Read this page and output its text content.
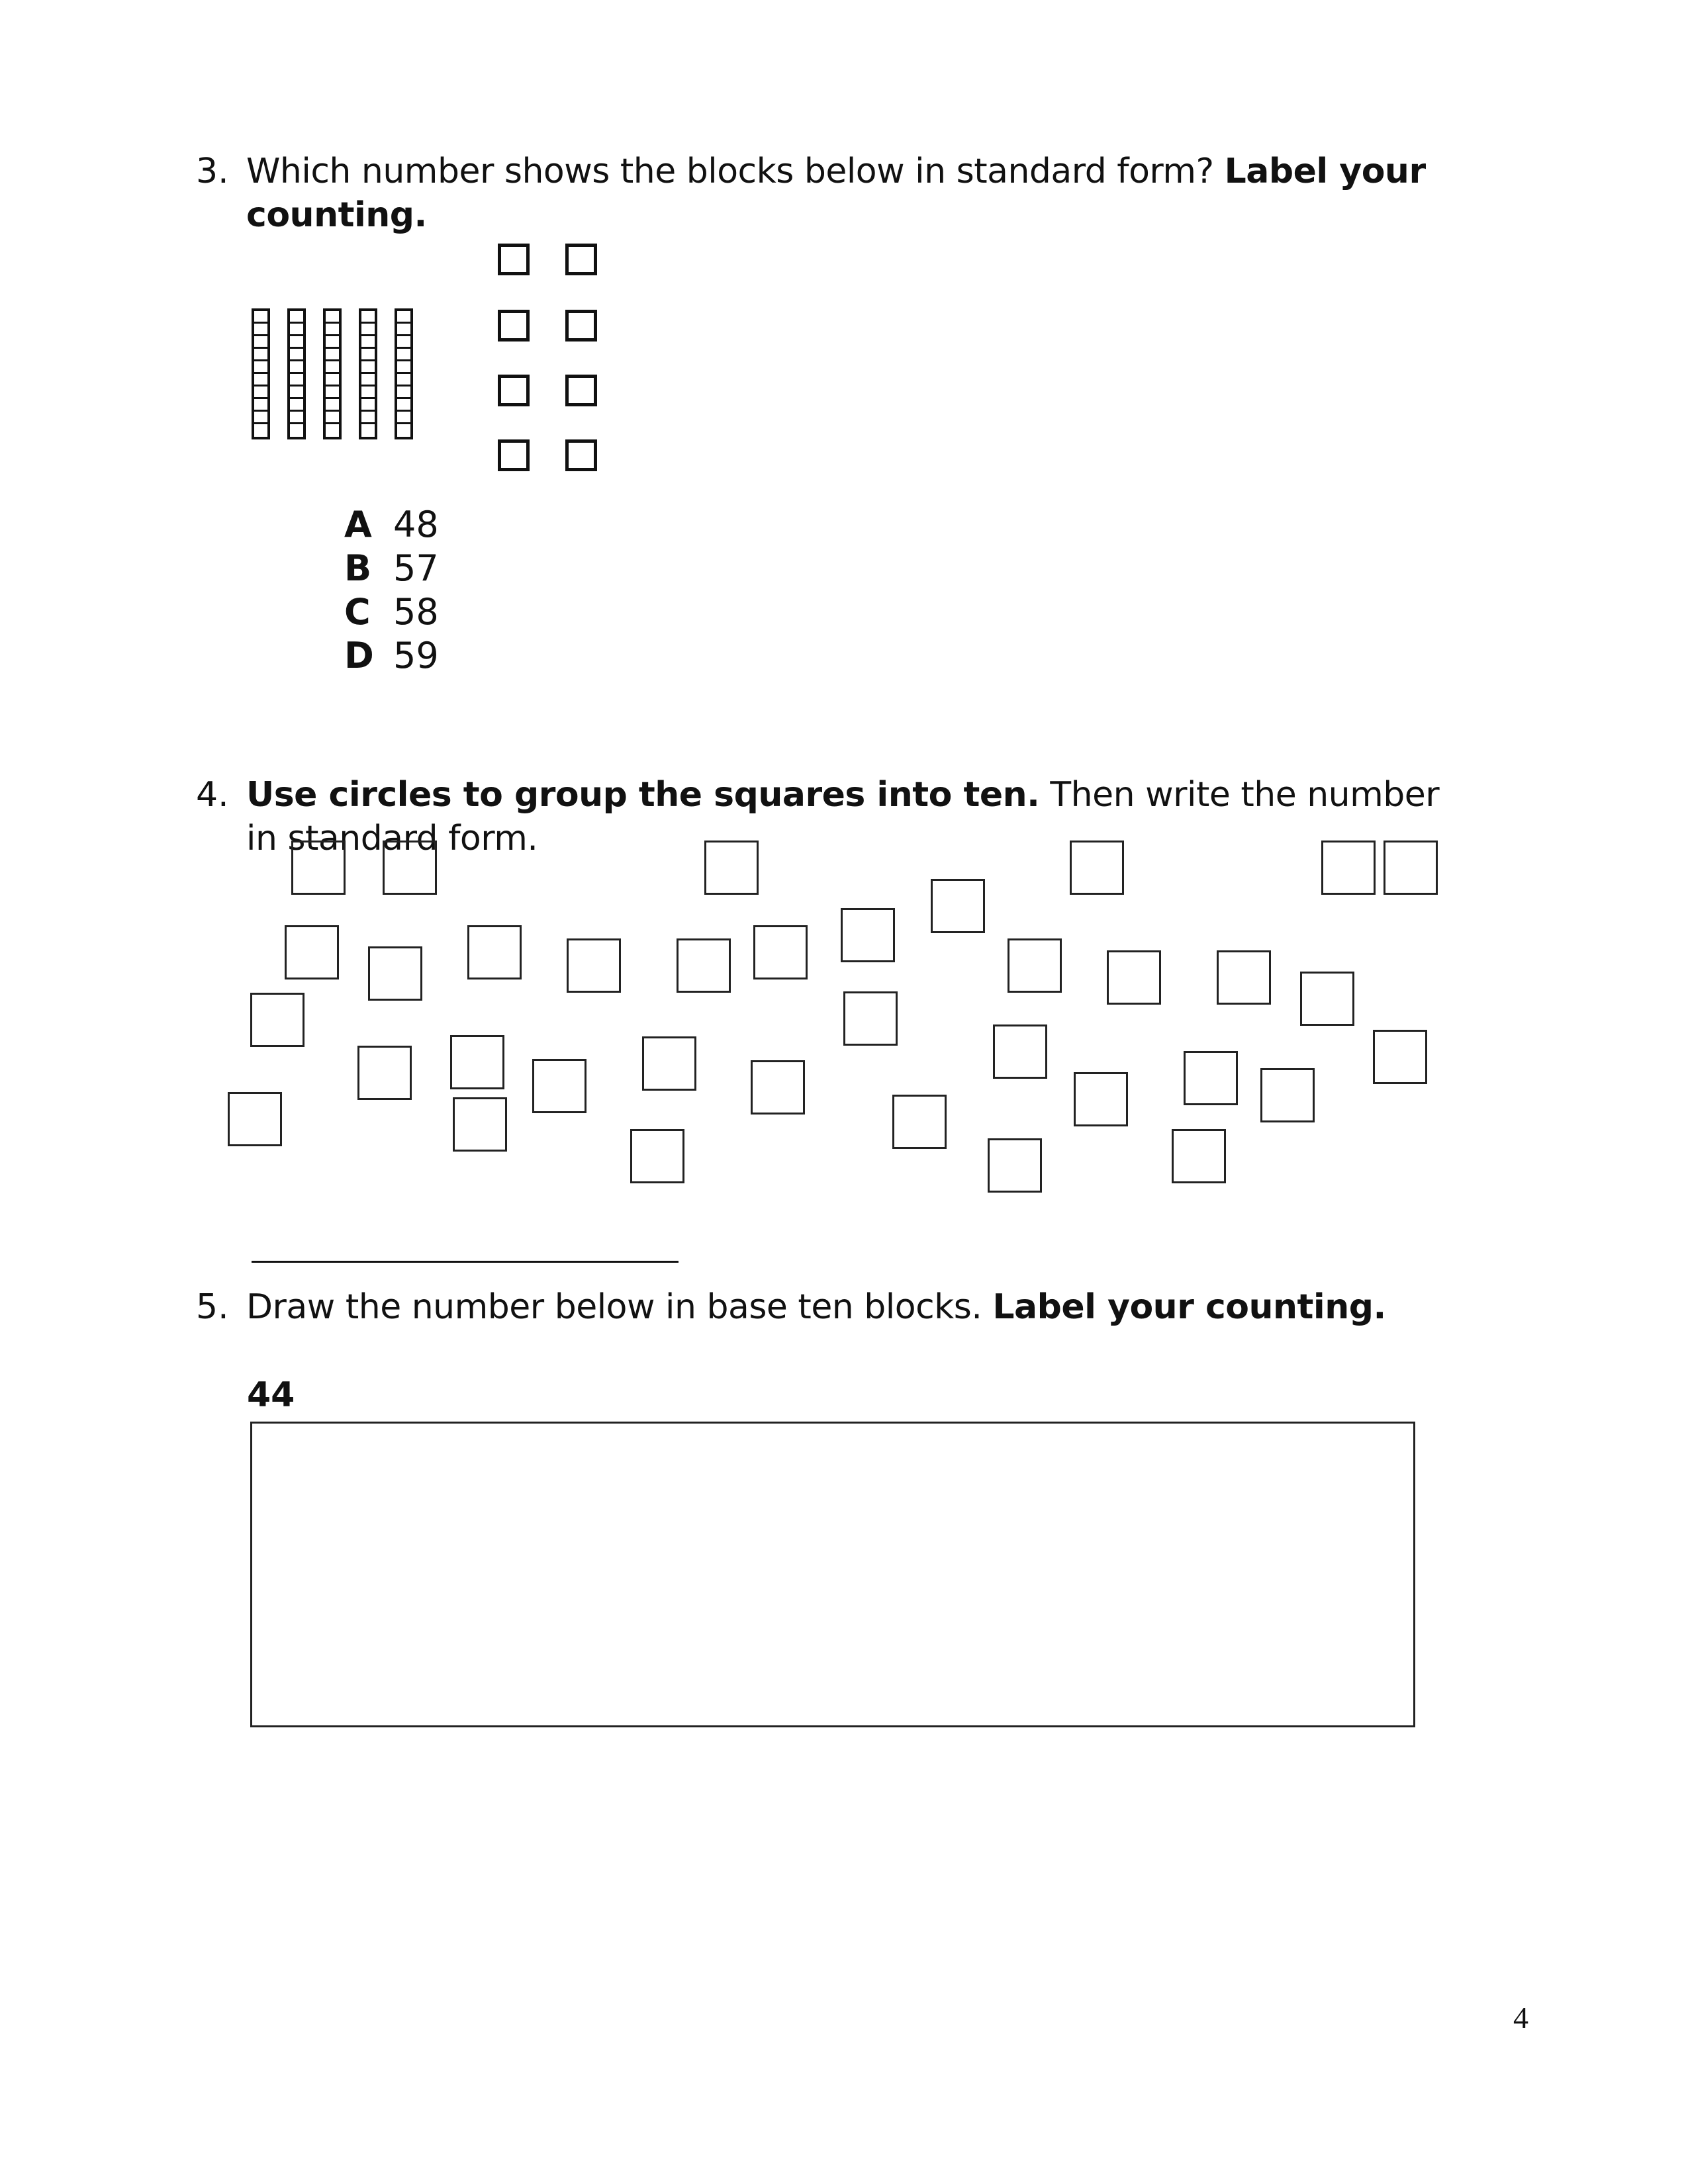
3. Which number shows the blocks below in standard form? Label your counting.
A 48
B 57
C 58
D 59
4. Use circles to group the squares into ten. Then write the number in standard form.
5. Draw the number below in base ten blocks. Label your counting.
44
4
